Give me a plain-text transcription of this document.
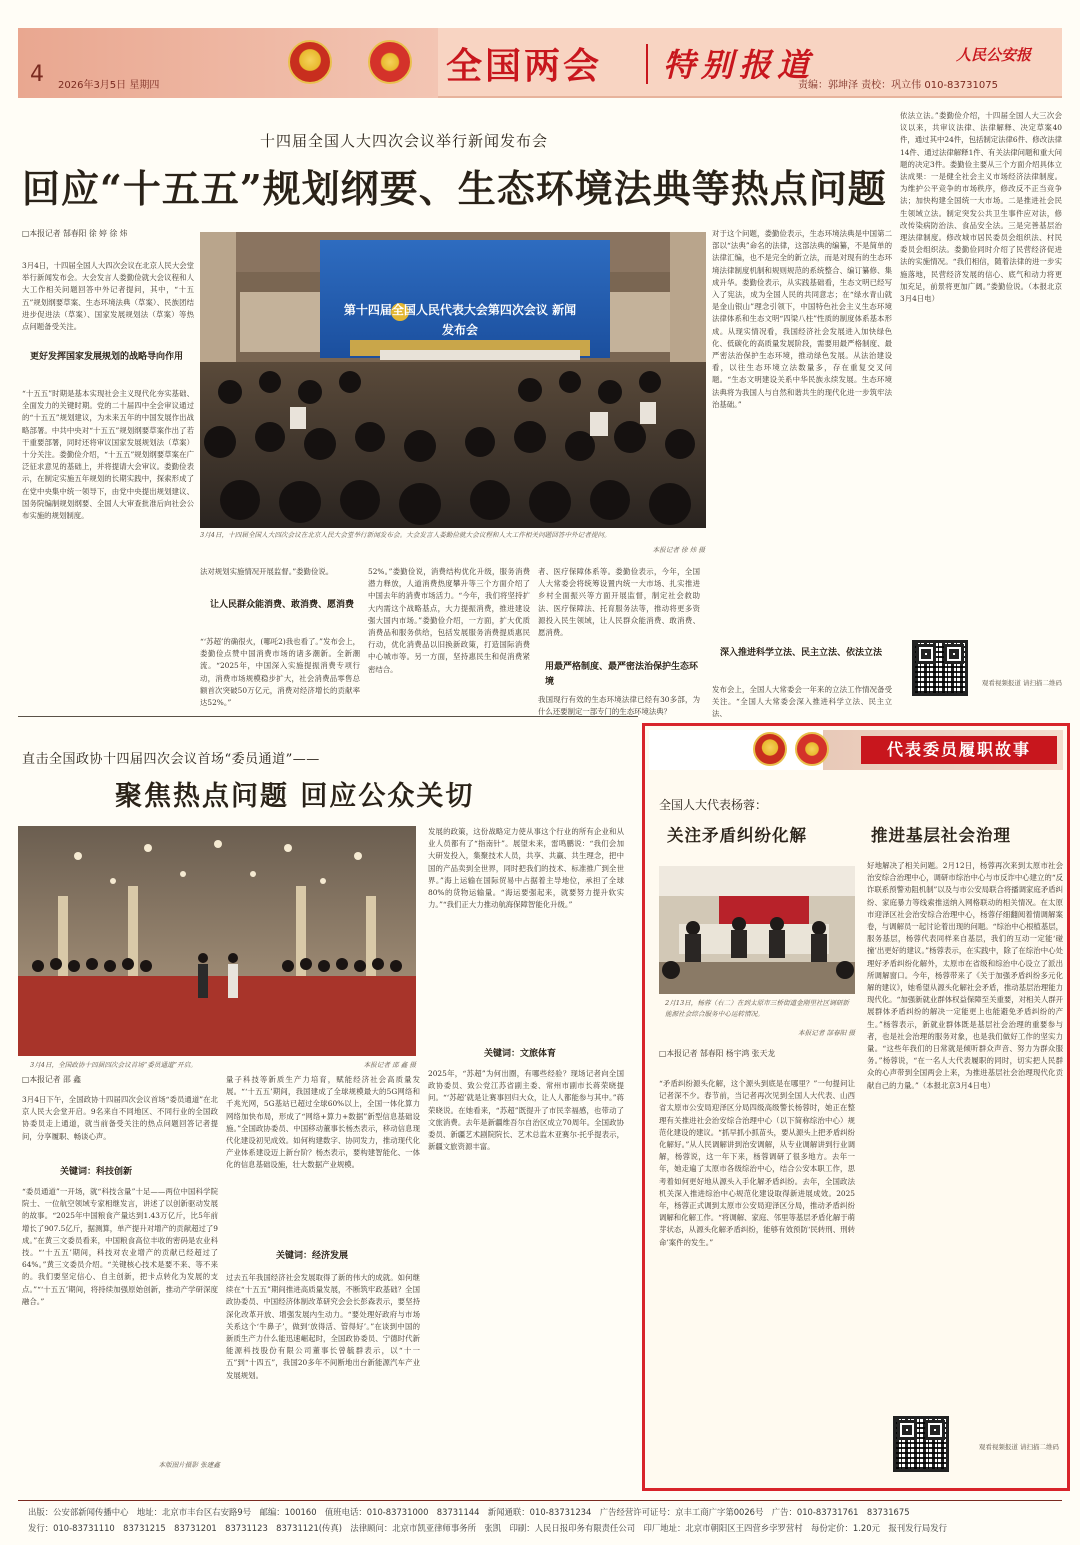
4 2026年3月5日 星期四	全国两会 特别报道	人民公安报
责编：郭坤泽 责校：巩立伟 010-83731075
十四届全国人大四次会议举行新闻发布会
回应“十五五”规划纲要、生态环境法典等热点问题
□本报记者 郜春阳 徐 婷 徐 炜
3月4日，十四届全国人大四次会议在北京人民大会堂举行新闻发布会。大会发言人娄勤俭就大会议程和人大工作相关问题回答中外记者提问，其中，“十五五”规划纲要草案、生态环境法典（草案）、民族团结进步促进法（草案）、国家发展规划法（草案）等热点问题备受关注。
更好发挥国家发展规划的战略导向作用
“十五五”时期是基本实现社会主义现代化夯实基础、全面发力的关键时期。党的二十届四中全会审议通过的“十五五”规划建议，为未来五年的中国发展作出战略部署。中共中央对“十五五”规划纲要草案作出了若干重要部署，同时还将审议国家发展规划法（草案）十分关注。娄勤俭介绍，“十五五”规划纲要草案在广泛征求意见的基础上，并将提请大会审议。娄勤俭表示，在制定实施五年规划的长期实践中，探索形成了在党中央集中统一领导下，由党中央提出规划建议、国务院编制规划纲要、全国人大审查批准后向社会公布实施的规划制度。
第十四届全国人民代表大会第四次会议 新闻发布会
3月4日，十四届全国人大四次会议在北京人民大会堂举行新闻发布会。大会发言人娄勤俭就大会议程和人大工作相关问题回答中外记者提问。
本报记者 徐 炜 摄
法对规划实施情况开展监督。”娄勤俭说。
让人民群众能消费、敢消费、愿消费
“‘苏超’的确很火，(哪吒2)我也看了。”发布会上，娄勤俭点赞中国消费市场的诸多潮新。全新潮流。“2025年，中国深入实施提振消费专项行动，消费市场规模稳步扩大，社会消费品零售总额首次突破50万亿元，消费对经济增长的贡献率达52%。”
52%。”娄勤俭说，消费结构优化升级，服务消费潜力释放，人道消费热度攀升等三个方面介绍了中国去年的消费市场活力。“今年，我们将坚持扩大内需这个战略基点，大力提振消费，推进建设强大国内市场。”娄勤俭介绍，一方面，扩大优质消费品和服务供给，包括发展服务消费提质惠民行动，优化消费品以旧换新政策，打造国际消费中心城市等。另一方面，坚持惠民生和促消费紧密结合。
者、医疗保障体系等。娄勤俭表示，今年，全国人大常委会将统筹设置内统一大市场、扎实推进乡村全面振兴等方面开展监督，制定社会救助法、医疗保障法、托育服务法等，推动将更多资源投入民生领域，让人民群众能消费、敢消费、愿消费。
用最严格制度、最严密法治保护生态环境
我国现行有效的生态环境法律已经有30多部，为什么还要制定一部专门的生态环境法典？
对于这个问题，娄勤俭表示，生态环境法典是中国第二部以“法典”命名的法律，这部法典的编纂，不是简单的法律汇编，也不是完全的新立法，而是对现有的生态环境法律制度机制和规则规范的系统整合、编订纂修、集成升华。娄勤俭表示，从实践基础看，生态文明已经写入了宪法，成为全国人民的共同意志；在“绿水青山就是金山银山”理念引领下，中国特色社会主义生态环境法律体系和生态文明“四梁八柱”性质的制度体系基本形成。从现实情况看，我国经济社会发展进入加快绿色化、低碳化的高质量发展阶段，需要用最严格制度、最严密法治保护生态环境，推动绿色发展。从法治建设看，以往生态环境立法数量多，存在重复交叉问题。“生态文明建设关系中华民族永续发展。生态环境法典将为我国人与自然和谐共生的现代化进一步筑牢法治基础。”
深入推进科学立法、民主立法、依法立法
发布会上，全国人大常委会一年来的立法工作情况备受关注。“全国人大常委会深入推进科学立法、民主立法、
依法立法。”娄勤俭介绍，十四届全国人大三次会议以来，共审议法律、法律解释、决定草案40件，通过其中24件，包括制定法律6件、修改法律14件、通过法律解释1件、有关法律问题和重大问题的决定3件。娄勤俭主要从三个方面介绍具体立法成果：一是健全社会主义市场经济法律制度。为维护公平竞争的市场秩序，修改反不正当竞争法；加快构建全国统一大市场。二是推进社会民生领域立法。制定突发公共卫生事件应对法，修改传染病防治法、食品安全法。三是完善基层治理法律制度。修改城市居民委员会组织法、村民委员会组织法。娄勤俭同时介绍了民营经济促进法的实施情况。“我们相信，随着法律的进一步实施落地，民营经济发展的信心、底气和动力将更加充足，前景将更加广阔。”娄勤俭说。（本报北京3月4日电）
观看视频报道 请扫描二维码
直击全国政协十四届四次会议首场“委员通道”——
聚焦热点问题 回应公众关切
3月4日，全国政协十四届四次会议首场“委员通道”开启。	本报记者 邵 鑫 摄
发展的政策，这份战略定力使从事这个行业的所有企业和从业人员都有了“指南针”。展望未来，雷鸣鹏说：“我们会加大研发投入，集聚技术人员，共享、共赢、共生理念，把中国的产品卖到全世界，同时把我们的技术、标准推广到全世界。”海上运输在国际贸易中占据着主导地位，承担了全球80%的货物运输量。“海运要强起来，就要努力提升软实力。”“我们正大力推动航海保障智能化升级。”
关键词：文旅体育
2025年，“苏超”为何出圈，有哪些经验？现场记者向全国政协委员、致公党江苏省副主委、常州市副市长蒋荣晓提问。“‘苏超’就是让赛事回归大众，让人人都能参与其中。”蒋荣晓说。在她看来，“苏超”既提升了市民幸福感，也带动了文旅消费。去年是新疆维吾尔自治区成立70周年。全国政协委员、新疆艺术剧院院长、艺术总监木亚赛尔·托乎提表示，新疆文旅资源丰富。
□本报记者 邵 鑫
3月4日下午，全国政协十四届四次会议首场“委员通道”在北京人民大会堂开启。9名来自不同地区、不同行业的全国政协委员走上通道，就当前备受关注的热点问题回答记者提问，分享履职、畅谈心声。
关键词：科技创新
“委员通道”一开场，就“科技含量”十足——两位中国科学院院士、一位航空领域专家相继发言，讲述了以创新驱动发展的故事。“2025年中国粮食产量达到1.43万亿斤，比5年前增长了907.5亿斤，据测算，单产提升对增产的贡献超过了9成。”在黄三文委员看来，中国粮食高位丰收的密码是农业科技。“‘十五五’期间，科技对农业增产的贡献已经超过了64%。”黄三文委员介绍。“关键核心技术是要不来、等不来的。我们要坚定信心、自主创新，把卡点转化为发展的支点。”“‘十五五’期间，将持续加强原始创新，推动产学研深度融合。”
本版图片摄影 张建鑫
量子科技等新质生产力培育，赋能经济社会高质量发展。“‘十五五’期间，我国建成了全球规模最大的5G网络和千兆光网，5G基站已超过全球60%以上，全国一体化算力网络加快布局，形成了“网络+算力+数据”新型信息基础设施。”全国政协委员、中国移动董事长杨杰表示，移动信息现代化建设初见成效。如何构建数字、协同发力，推动现代化产业体系建设迈上新台阶？杨杰表示，要构建智能化、一体化的信息基础设施，壮大数据产业规模。
关键词：经济发展
过去五年我国经济社会发展取得了新的伟大的成就。如何继续在“十五五”期间推进高质量发展，不断筑牢政基础？全国政协委员、中国经济体制改革研究会会长彭森表示，要坚持深化改革开放、增强发展内生动力。“要处理好政府与市场关系这个‘牛鼻子’，做到‘放得活、管得好’。”在谈到中国的新质生产力什么能迅速崛起时，全国政协委员、宁德时代新能源科技股份有限公司董事长曾毓群表示，以“十一五”到“十四五”，我国20多年不间断地出台新能源汽车产业发展规划。
代表委员履职故事
全国人大代表杨蓉：
关注矛盾纠纷化解	推进基层社会治理
2月13日，杨蓉（右二）在到太原市三桥街道金刚里社区调研新能源社会综合服务中心运转情况。
本报记者 郜春阳 摄
□本报记者 郜春阳 杨宇鸿 张天龙
“矛盾纠纷源头化解，这个源头到底是在哪里？”一句提问让记者深不少。春节前，当记者再次见到全国人大代表、山西省太原市公安局迎泽区分局四级高级警长杨蓉时，她正在整理有关推进社会治安综合治理中心（以下简称综治中心）规范化建设的建议。“抓早抓小抓苗头，要从源头上把矛盾纠纷化解好。”从人民调解讲到治安调解，从专业调解讲到行业调解，杨蓉说，这一年下来，杨蓉调研了很多地方。去年一年，她走遍了太原市各级综治中心，结合公安本职工作，思考着如何更好地从源头入手化解矛盾纠纷。去年，全国政法机关深入推进综治中心规范化建设取得新进展成效。2025年，杨蓉正式调到太原市公安局迎泽区分局，推动矛盾纠纷调解和化解工作。“将调解、家庭、邻里等基层矛盾化解于萌芽状态，从源头化解矛盾纠纷，能够有效预防‘民转刑、刑转命’案件的发生。”
好地解决了相关问题。2月12日，杨蓉再次来到太原市社会治安综合治理中心，调研市综治中心与市反诈中心建立的“反诈联系预警劝阻机制”以及与市公安局联合将播调家庭矛盾纠纷、家庭暴力等线索推送纳入网格联动的相关情况。在太原市迎泽区社会治安综合治理中心，杨蓉仔细翻阅着情调解案卷，与调解员一起讨论着出现的问题。“综治中心根植基层，服务基层，杨蓉代表同样来自基层，我们的互动一定能‘碰撞’出更好的建议。”杨蓉表示，在实践中，除了在综治中心处理好矛盾纠纷化解外，太原市在省级和综治中心设立了派出所调解窗口。今年，杨蓉带来了《关于加强矛盾纠纷多元化解的建议》，她希望从源头化解社会矛盾，推动基层治理能力现代化。“加强新就业群体权益保障至关重要，对相关人群开展群体矛盾纠纷的解决一定能更上也能避免矛盾纠纷的产生。”杨蓉表示，新就业群体既是基层社会治理的重要参与者，也是社会治理的服务对象，也是我们做好工作的坚实力量。“这些年我们的日常就是倾听群众声音、努力为群众服务。”杨蓉说，“在一名人大代表履职的同时，切实把人民群众的心声带到全国两会上来，为推进基层社会治理现代化贡献自己的力量。”（本报北京3月4日电）
观看视频报道 请扫描二维码
出版：公安部新闻传播中心　地址：北京市丰台区右安路9号　邮编：100160　值班电话：010-83731000　83731144　新闻通联：010-83731234　广告经营许可证号：京丰工商广字第0026号　广告：010-83731761　83731675
发行：010-83731110　83731215　83731201　83731123　83731121(传真)　法律顾问：北京市凯亚律师事务所　张凯　印刷：人民日报印务有限责任公司　印厂地址：北京市朝阳区王四营乡孛罗营村　每份定价：1.20元　报刊发行局发行
